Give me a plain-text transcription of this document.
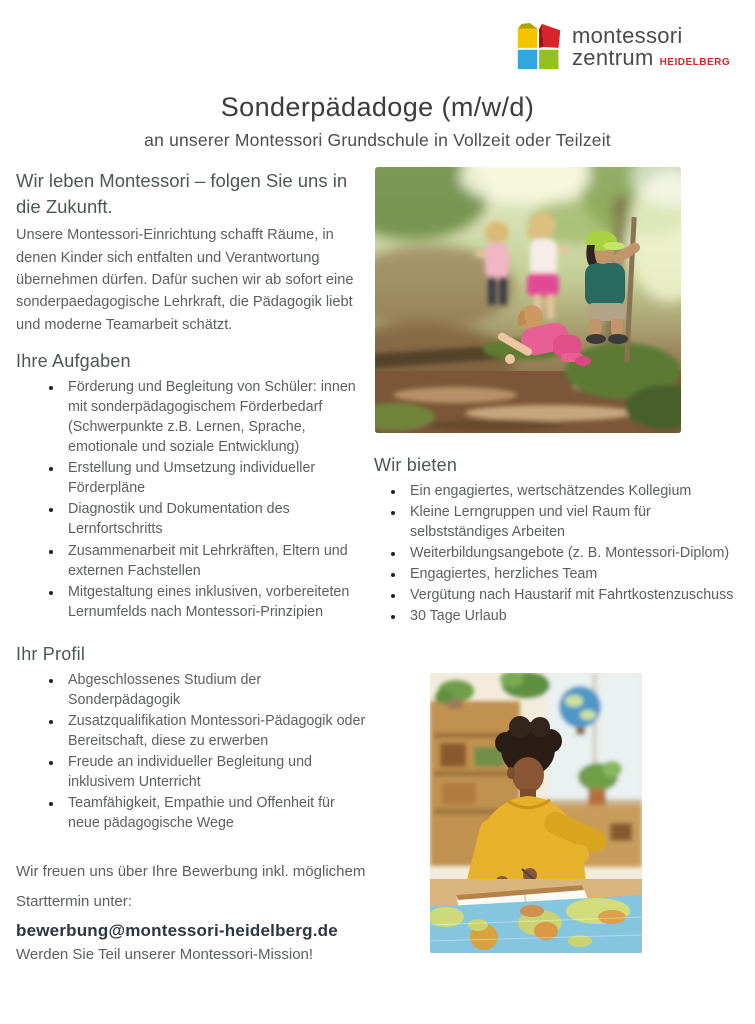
montessori
zentrum HEIDELBERG
Sonderpädadoge (m/w/d)
an unserer Montessori Grundschule in Vollzeit oder Teilzeit
Wir leben Montessori – folgen Sie uns in die Zukunft.

Unsere Montessori-Einrichtung schafft Räume, in denen Kinder sich entfalten und Verantwortung übernehmen dürfen. Dafür suchen wir ab sofort eine sonderpaedagogische Lehrkraft, die Pädagogik liebt und moderne Teamarbeit schätzt.

Ihre Aufgaben
• Förderung und Begleitung von Schüler: innen mit sonderpädagogischem Förderbedarf (Schwerpunkte z.B. Lernen, Sprache, emotionale und soziale Entwicklung)
• Erstellung und Umsetzung individueller Förderpläne
• Diagnostik und Dokumentation des Lernfortschritts
• Zusammenarbeit mit Lehrkräften, Eltern und externen Fachstellen
• Mitgestaltung eines inklusiven, vorbereiteten Lernumfelds nach Montessori-Prinzipien
Ihr Profil
• Abgeschlossenes Studium der Sonderpädagogik
• Zusatzqualifikation Montessori-Pädagogik oder Bereitschaft, diese zu erwerben
• Freude an individueller Begleitung und inklusivem Unterricht
• Teamfähigkeit, Empathie und Offenheit für neue pädagogische Wege

Wir freuen uns über Ihre Bewerbung inkl. möglichem Starttermin unter:

bewerbung@montessori-heidelberg.de

Werden Sie Teil unserer Montessori-Mission!

Wir bieten
• Ein engagiertes, wertschätzendes Kollegium
• Kleine Lerngruppen und viel Raum für selbstständiges Arbeiten
• Weiterbildungsangebote (z. B. Montessori-Diplom)
• Engagiertes, herzliches Team
• Vergütung nach Haustarif mit Fahrtkostenzuschuss
• 30 Tage Urlaub
